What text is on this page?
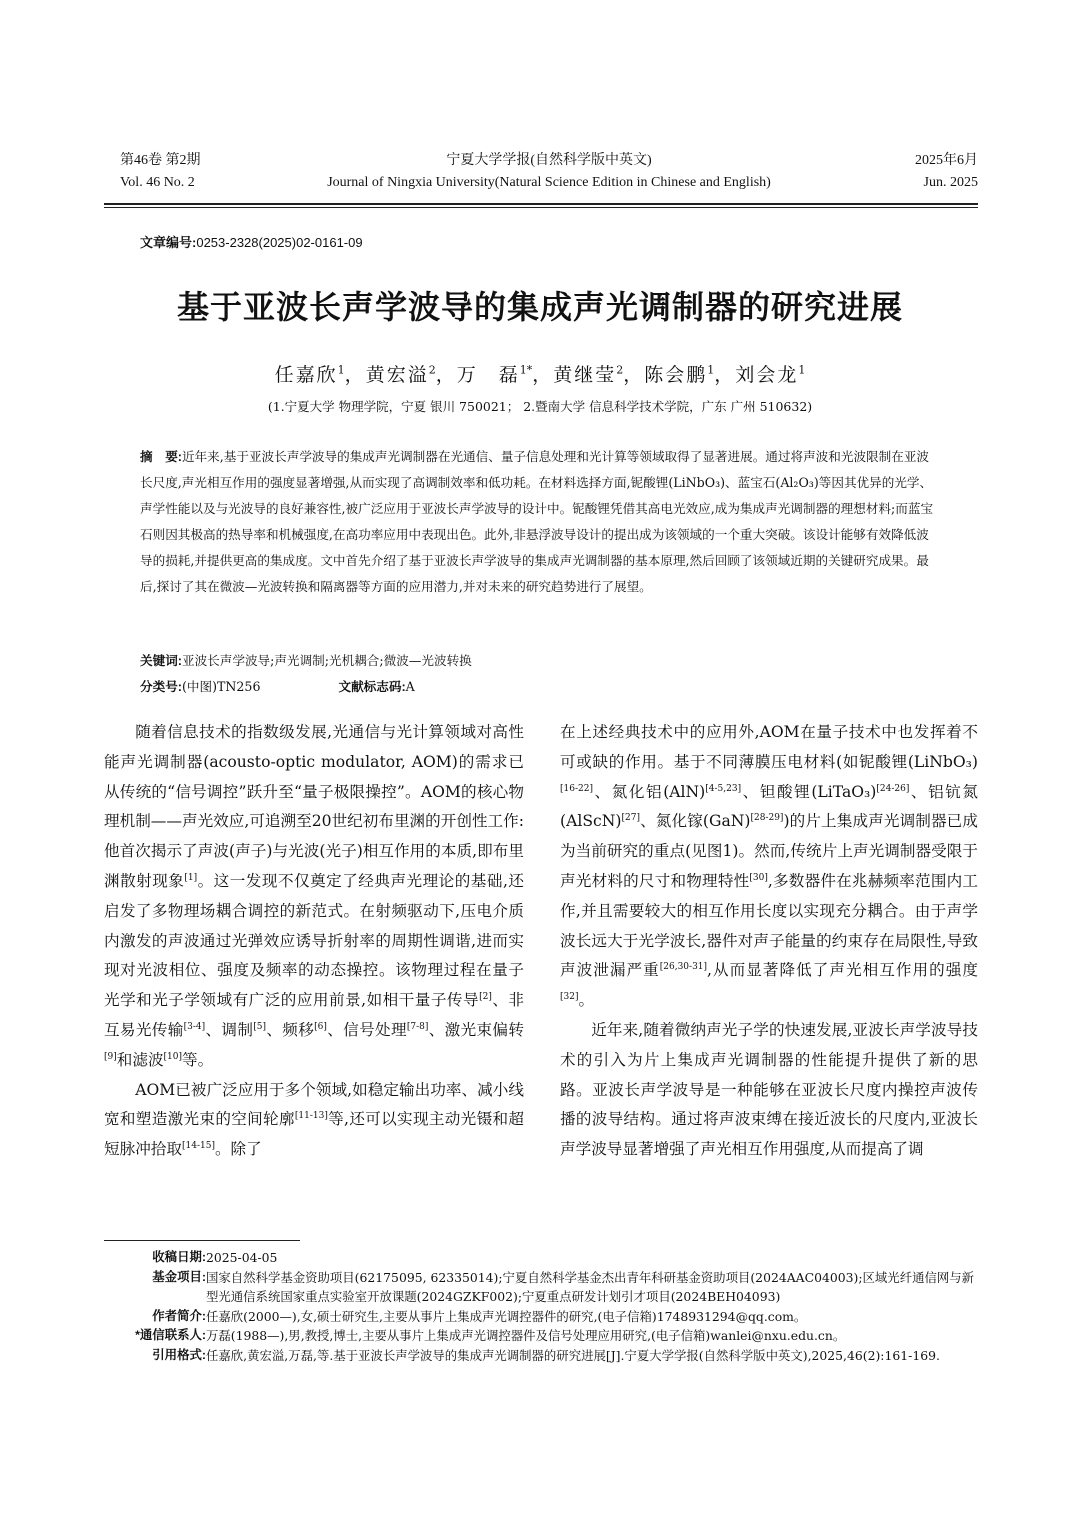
第46卷 第2期
Vol. 46 No. 2
宁夏大学学报(自然科学版中英文)
Journal of Ningxia University(Natural Science Edition in Chinese and English)
2025年6月
Jun. 2025
文章编号:0253-2328(2025)02-0161-09
基于亚波长声学波导的集成声光调制器的研究进展
任嘉欣$^1$，黄宏溢$^2$，万　磊$^{1*}$，黄继莹$^2$，陈会鹏$^1$，刘会龙$^1$
(1.宁夏大学 物理学院，宁夏 银川 750021； 2.暨南大学 信息科学技术学院，广东 广州 510632)
摘　要:近年来,基于亚波长声学波导的集成声光调制器在光通信、量子信息处理和光计算等领域取得了显著进展。通过将声波和光波限制在亚波长尺度,声光相互作用的强度显著增强,从而实现了高调制效率和低功耗。在材料选择方面,铌酸锂(LiNbO₃)、蓝宝石(Al₂O₃)等因其优异的光学、声学性能以及与光波导的良好兼容性,被广泛应用于亚波长声学波导的设计中。铌酸锂凭借其高电光效应,成为集成声光调制器的理想材料;而蓝宝石则因其极高的热导率和机械强度,在高功率应用中表现出色。此外,非悬浮波导设计的提出成为该领域的一个重大突破。该设计能够有效降低波导的损耗,并提供更高的集成度。文中首先介绍了基于亚波长声学波导的集成声光调制器的基本原理,然后回顾了该领域近期的关键研究成果。最后,探讨了其在微波—光波转换和隔离器等方面的应用潜力,并对未来的研究趋势进行了展望。
关键词:亚波长声学波导;声光调制;光机耦合;微波—光波转换
分类号:(中图)TN256	文献标志码:A

随着信息技术的指数级发展,光通信与光计算领域对高性能声光调制器(acousto-optic modulator, AOM)的需求已从传统的“信号调控”跃升至“量子极限操控”。AOM的核心物理机制——声光效应,可追溯至20世纪初布里渊的开创性工作:他首次揭示了声波(声子)与光波(光子)相互作用的本质,即布里渊散射现象[1]。这一发现不仅奠定了经典声光理论的基础,还启发了多物理场耦合调控的新范式。在射频驱动下,压电介质内激发的声波通过光弹效应诱导折射率的周期性调谐,进而实现对光波相位、强度及频率的动态操控。该物理过程在量子光学和光子学领域有广泛的应用前景,如相干量子传导[2]、非互易光传输[3-4]、调制[5]、频移[6]、信号处理[7-8]、激光束偏转[9]和滤波[10]等。

AOM已被广泛应用于多个领域,如稳定输出功率、减小线宽和塑造激光束的空间轮廓[11-13]等,还可以实现主动光镊和超短脉冲拾取[14-15]。除了

在上述经典技术中的应用外,AOM在量子技术中也发挥着不可或缺的作用。基于不同薄膜压电材料(如铌酸锂(LiNbO₃)[16-22]、氮化铝(AlN)[4-5,23]、钽酸锂(LiTaO₃)[24-26]、铝钪氮(AlScN)[27]、氮化镓(GaN)[28-29])的片上集成声光调制器已成为当前研究的重点(见图1)。然而,传统片上声光调制器受限于声光材料的尺寸和物理特性[30],多数器件在兆赫频率范围内工作,并且需要较大的相互作用长度以实现充分耦合。由于声学波长远大于光学波长,器件对声子能量的约束存在局限性,导致声波泄漏严重[26,30-31],从而显著降低了声光相互作用的强度[32]。

近年来,随着微纳声光子学的快速发展,亚波长声学波导技术的引入为片上集成声光调制器的性能提升提供了新的思路。亚波长声学波导是一种能够在亚波长尺度内操控声波传播的波导结构。通过将声波束缚在接近波长的尺度内,亚波长声学波导显著增强了声光相互作用强度,从而提高了调

收稿日期: 2025-04-05
基金项目: 国家自然科学基金资助项目(62175095, 62335014);宁夏自然科学基金杰出青年科研基金资助项目(2024AAC04003);区域光纤通信网与新型光通信系统国家重点实验室开放课题(2024GZKF002);宁夏重点研发计划引才项目(2024BEH04093)
作者简介: 任嘉欣(2000—),女,硕士研究生,主要从事片上集成声光调控器件的研究,(电子信箱)1748931294@qq.com。
*通信联系人: 万磊(1988—),男,教授,博士,主要从事片上集成声光调控器件及信号处理应用研究,(电子信箱)wanlei@nxu.edu.cn。
引用格式: 任嘉欣,黄宏溢,万磊,等.基于亚波长声学波导的集成声光调制器的研究进展[J].宁夏大学学报(自然科学版中英文),2025,46(2):161-169.
